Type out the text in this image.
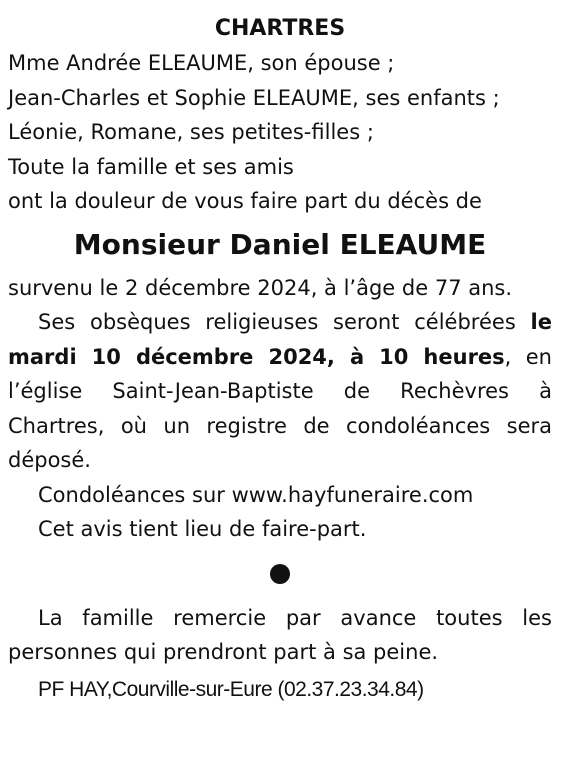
CHARTRES

Mme Andrée ELEAUME, son épouse ;

Jean-Charles et Sophie ELEAUME, ses enfants ;

Léonie, Romane, ses petites-filles ;

Toute la famille et ses amis

ont la douleur de vous faire part du décès de

Monsieur Daniel ELEAUME

survenu le 2 décembre 2024, à l’âge de 77 ans.

Ses obsèques religieuses seront célébrées le mardi 10 décembre 2024, à 10 heures, en l’église Saint-Jean-Baptiste de Rechèvres à Chartres, où un registre de condoléances sera déposé.

Condoléances sur www.hayfuneraire.com

Cet avis tient lieu de faire-part.

La famille remercie par avance toutes les personnes qui prendront part à sa peine.

PF HAY,Courville-sur-Eure (02.37.23.34.84)
